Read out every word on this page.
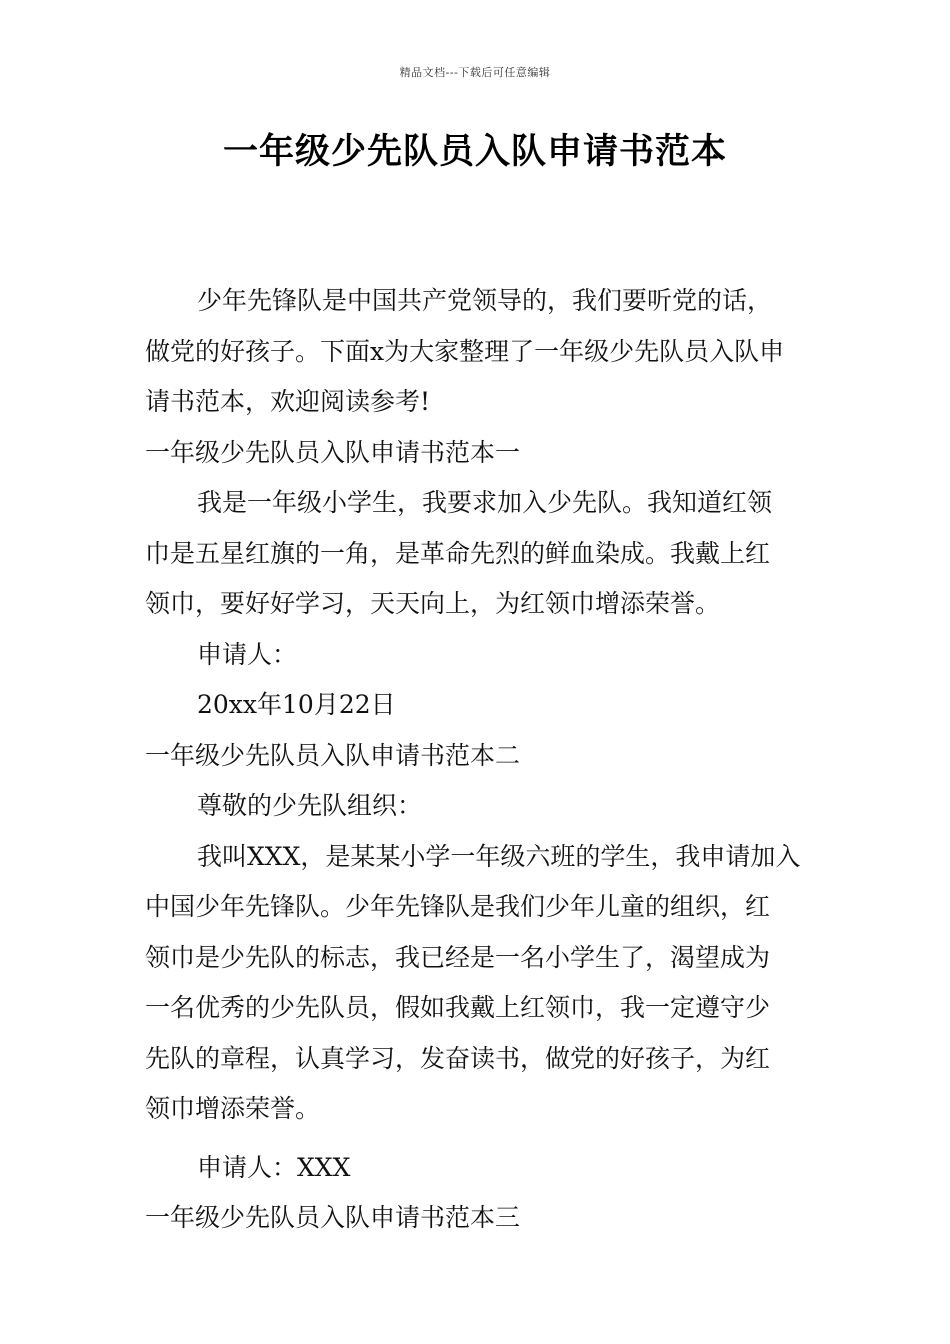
精品文档---下载后可任意编辑
一年级少先队员入队申请书范本
少年先锋队是中国共产党领导的，我们要听党的话，
做党的好孩子。下面x为大家整理了一年级少先队员入队申
请书范本，欢迎阅读参考!
一年级少先队员入队申请书范本一
我是一年级小学生，我要求加入少先队。我知道红领
巾是五星红旗的一角，是革命先烈的鲜血染成。我戴上红
领巾，要好好学习，天天向上，为红领巾增添荣誉。
申请人：
20xx年10月22日
一年级少先队员入队申请书范本二
尊敬的少先队组织：
我叫XXX，是某某小学一年级六班的学生，我申请加入
中国少年先锋队。少年先锋队是我们少年儿童的组织，红
领巾是少先队的标志，我已经是一名小学生了，渴望成为
一名优秀的少先队员，假如我戴上红领巾，我一定遵守少
先队的章程，认真学习，发奋读书，做党的好孩子，为红
领巾增添荣誉。
申请人：XXX
一年级少先队员入队申请书范本三
